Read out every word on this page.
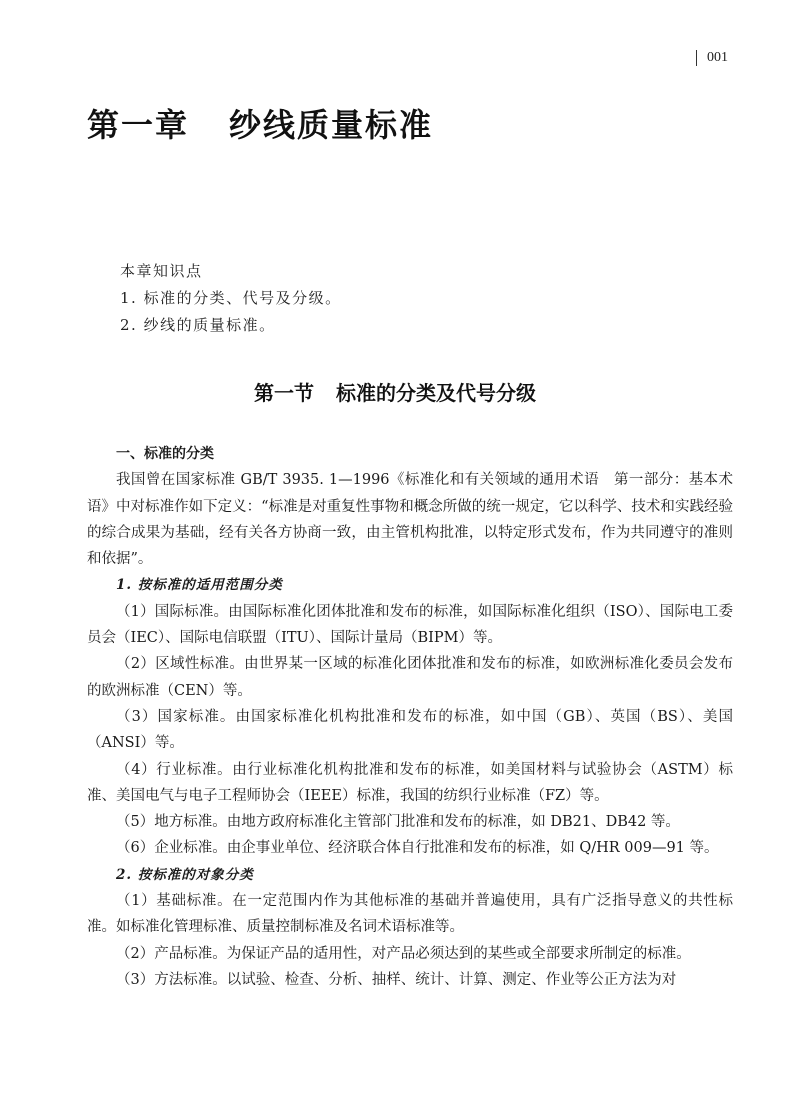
001
第一章 纱线质量标准
本章知识点
1. 标准的分类、代号及分级。
2. 纱线的质量标准。
第一节 标准的分类及代号分级
一、标准的分类
我国曾在国家标准 GB/T 3935. 1—1996《标准化和有关领域的通用术语　第一部分：基本术语》中对标准作如下定义：“标准是对重复性事物和概念所做的统一规定，它以科学、技术和实践经验的综合成果为基础，经有关各方协商一致，由主管机构批准，以特定形式发布，作为共同遵守的准则和依据”。
1. 按标准的适用范围分类
（1）国际标准。由国际标准化团体批准和发布的标准，如国际标准化组织（ISO）、国际电工委员会（IEC）、国际电信联盟（ITU）、国际计量局（BIPM）等。
（2）区域性标准。由世界某一区域的标准化团体批准和发布的标准，如欧洲标准化委员会发布的欧洲标准（CEN）等。
（3）国家标准。由国家标准化机构批准和发布的标准，如中国（GB）、英国（BS）、美国（ANSI）等。
（4）行业标准。由行业标准化机构批准和发布的标准，如美国材料与试验协会（ASTM）标准、美国电气与电子工程师协会（IEEE）标准，我国的纺织行业标准（FZ）等。
（5）地方标准。由地方政府标准化主管部门批准和发布的标准，如 DB21、DB42 等。
（6）企业标准。由企事业单位、经济联合体自行批准和发布的标准，如 Q/HR 009—91 等。
2. 按标准的对象分类
（1）基础标准。在一定范围内作为其他标准的基础并普遍使用，具有广泛指导意义的共性标准。如标准化管理标准、质量控制标准及名词术语标准等。
（2）产品标准。为保证产品的适用性，对产品必须达到的某些或全部要求所制定的标准。
（3）方法标准。以试验、检查、分析、抽样、统计、计算、测定、作业等公正方法为对
